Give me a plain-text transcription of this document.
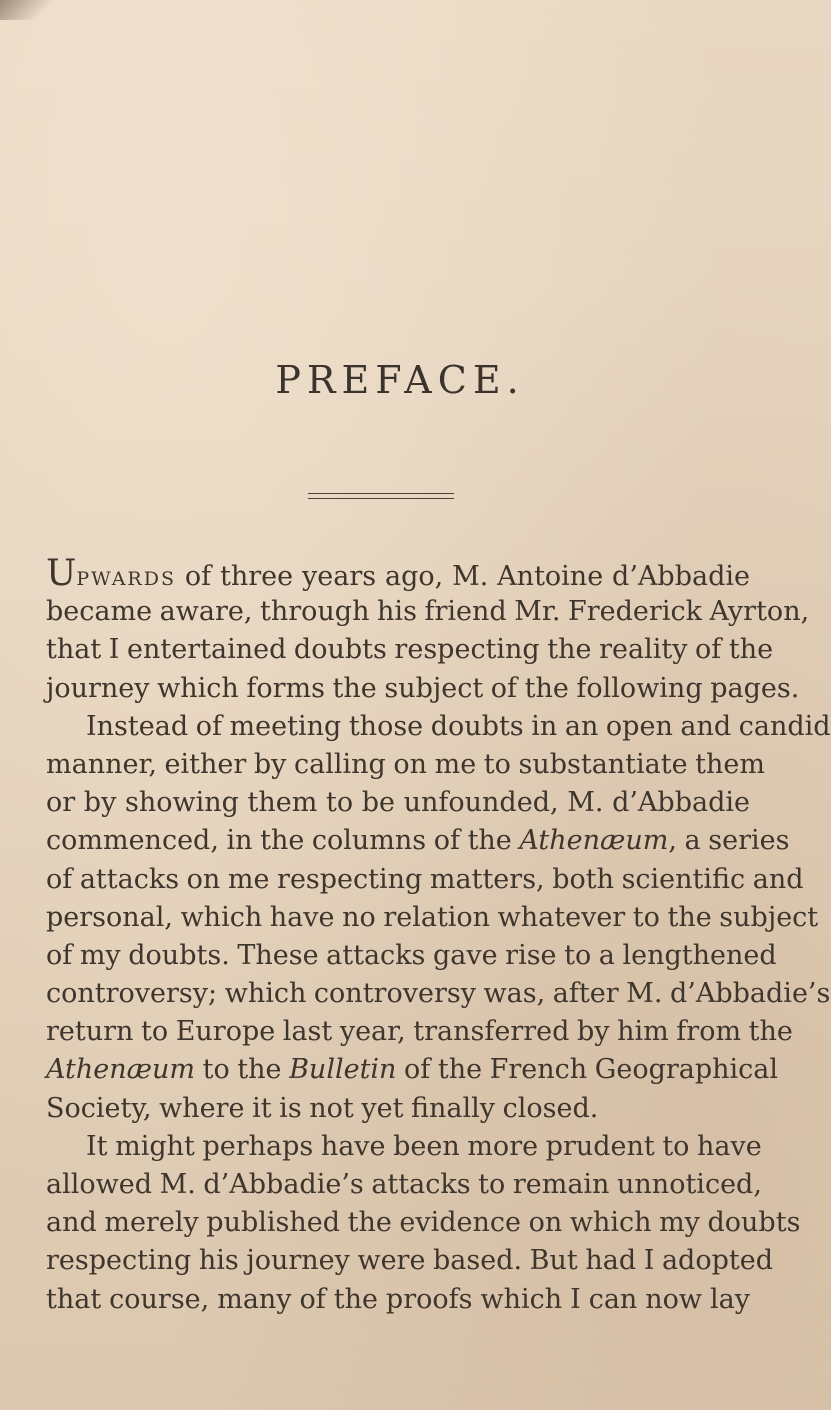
PREFACE.
Upwards of three years ago, M. Antoine d’Abbadie
became aware, through his friend Mr. Frederick Ayrton,
that I entertained doubts respecting the reality of the
journey which forms the subject of the following pages.
Instead of meeting those doubts in an open and candid
manner, either by calling on me to substantiate them
or by showing them to be unfounded, M. d’Abbadie
commenced, in the columns of the Athenæum, a series
of attacks on me respecting matters, both scientific and
personal, which have no relation whatever to the subject
of my doubts. These attacks gave rise to a lengthened
controversy; which controversy was, after M. d’Abbadie’s
return to Europe last year, transferred by him from the
Athenæum to the Bulletin of the French Geographical
Society, where it is not yet finally closed.
It might perhaps have been more prudent to have
allowed M. d’Abbadie’s attacks to remain unnoticed,
and merely published the evidence on which my doubts
respecting his journey were based. But had I adopted
that course, many of the proofs which I can now lay
